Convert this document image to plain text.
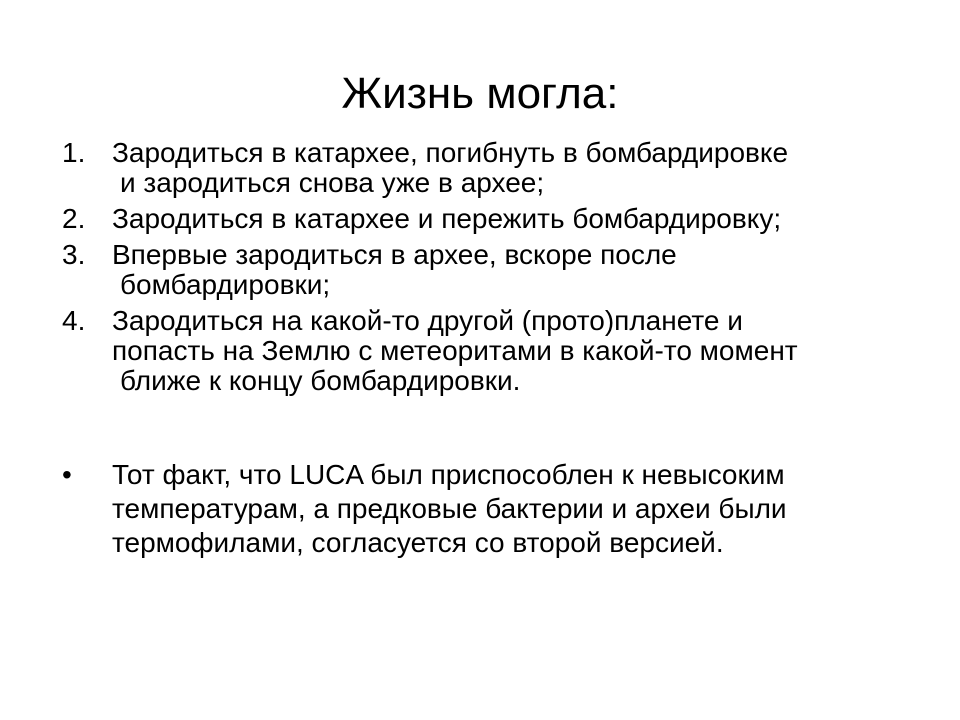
Жизнь могла:
1. Зародиться в катархее, погибнуть в бомбардировке
и зародиться снова уже в архее;
2. Зародиться в катархее и пережить бомбардировку;
3. Впервые зародиться в архее, вскоре после
бомбардировки;
4. Зародиться на какой-то другой (прото)планете и
попасть на Землю с метеоритами в какой-то момент
ближе к концу бомбардировки.
•	Тот факт, что LUCA был приспособлен к невысоким
температурам, а предковые бактерии и археи были
термофилами, согласуется со второй версией.
